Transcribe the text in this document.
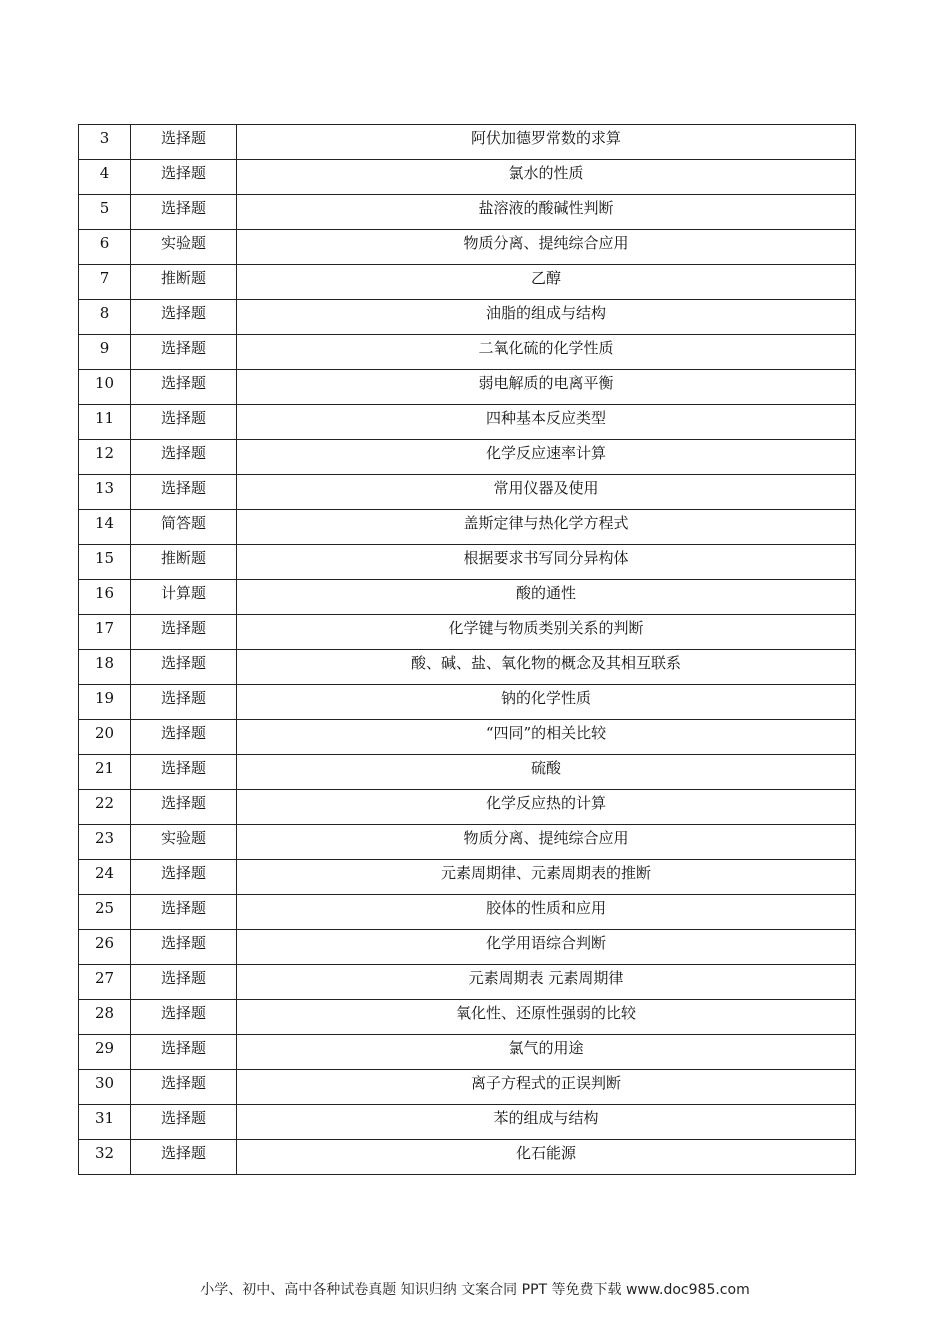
3	选择题	阿伏加德罗常数的求算
4	选择题	氯水的性质
5	选择题	盐溶液的酸碱性判断
6	实验题	物质分离、提纯综合应用
7	推断题	乙醇
8	选择题	油脂的组成与结构
9	选择题	二氧化硫的化学性质
10	选择题	弱电解质的电离平衡
11	选择题	四种基本反应类型
12	选择题	化学反应速率计算
13	选择题	常用仪器及使用
14	简答题	盖斯定律与热化学方程式
15	推断题	根据要求书写同分异构体
16	计算题	酸的通性
17	选择题	化学键与物质类别关系的判断
18	选择题	酸、碱、盐、氧化物的概念及其相互联系
19	选择题	钠的化学性质
20	选择题	“四同”的相关比较
21	选择题	硫酸
22	选择题	化学反应热的计算
23	实验题	物质分离、提纯综合应用
24	选择题	元素周期律、元素周期表的推断
25	选择题	胶体的性质和应用
26	选择题	化学用语综合判断
27	选择题	元素周期表 元素周期律
28	选择题	氧化性、还原性强弱的比较
29	选择题	氯气的用途
30	选择题	离子方程式的正误判断
31	选择题	苯的组成与结构
32	选择题	化石能源
小学、初中、高中各种试卷真题 知识归纳 文案合同 PPT 等免费下载 www.doc985.com
